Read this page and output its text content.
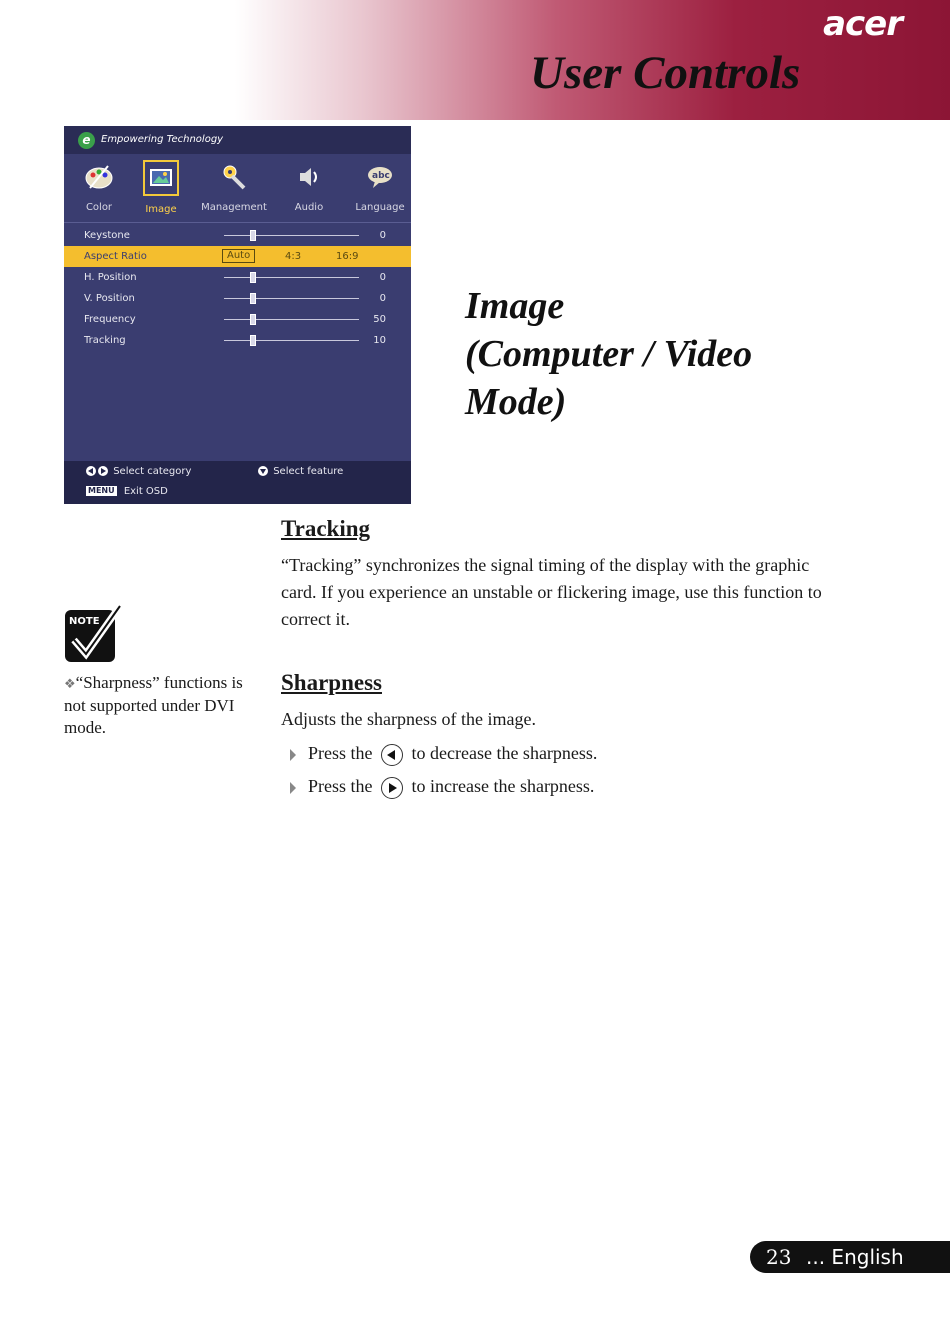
acer
User Controls
e	Empowering Technology
Color	Image	Management	Audio
abc
Language
Keystone	0
Aspect Ratio	Auto	4:3	16:9
H. Position	0
V. Position	0
Frequency	50
Tracking	10
Select category	Select feature
MENU Exit OSD
Image
(Computer / Video
Mode)
NOTE
❖“Sharpness” functions is not supported under DVI mode.
Tracking
“Tracking” synchronizes the signal timing of the display with the graphic card. If you experience an unstable or flickering image, use this function to correct it.
Sharpness
Adjusts the sharpness of the image.
Press the to decrease the sharpness.
Press the to increase the sharpness.
23 ... English
